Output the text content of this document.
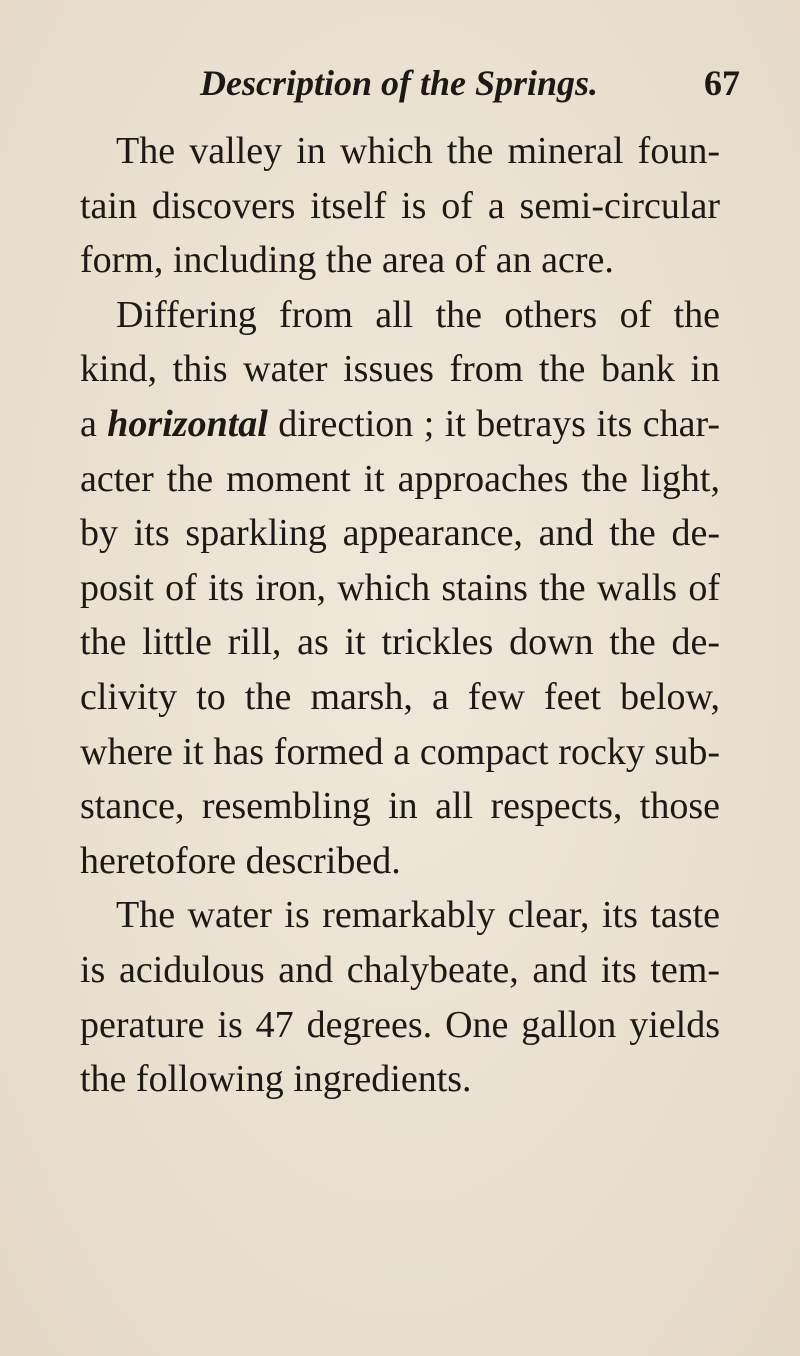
Description of the Springs.	67
The valley in which the mineral foun-
tain discovers itself is of a semi-circular
form, including the area of an acre.
Differing from all the others of the
kind, this water issues from the bank in
a horizontal direction ; it betrays its char-
acter the moment it approaches the light,
by its sparkling appearance, and the de-
posit of its iron, which stains the walls of
the little rill, as it trickles down the de-
clivity to the marsh, a few feet below,
where it has formed a compact rocky sub-
stance, resembling in all respects, those
heretofore described.
The water is remarkably clear, its taste
is acidulous and chalybeate, and its tem-
perature is 47 degrees. One gallon yields
the following ingredients.
